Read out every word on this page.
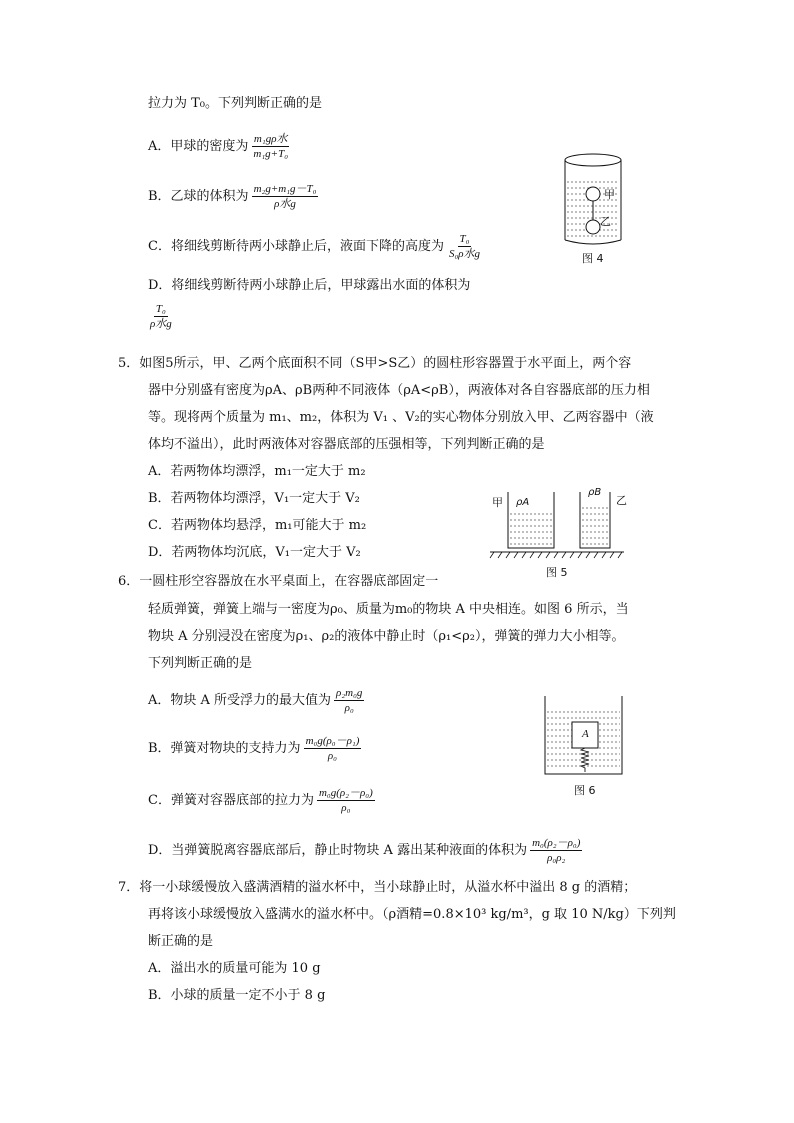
拉力为 T₀。下列判断正确的是
A．甲球的密度为 $\frac{\text{m₁gρ水}}{\text{m₁g+T₀}}$
B．乙球的体积为 $\frac{\text{m₂g+m₁g－T₀}}{\text{ρ水g}}$
C．将细线剪断待两小球静止后，液面下降的高度为 $\frac{\text{T₀}}{\text{S₀ρ水g}}$
D．将细线剪断待两小球静止后，甲球露出水面的体积为
$\frac{\text{T₀}}{\text{ρ水g}}$
甲
乙
图 4
5．如图5所示，甲、乙两个底面积不同（S甲>S乙）的圆柱形容器置于水平面上，两个容
器中分别盛有密度为ρA、ρB两种不同液体（ρA<ρB），两液体对各自容器底部的压力相
等。现将两个质量为 m₁、m₂，体积为 V₁ 、V₂的实心物体分别放入甲、乙两容器中（液
体均不溢出），此时两液体对容器底部的压强相等，下列判断正确的是
A．若两物体均漂浮，m₁一定大于 m₂
B．若两物体均漂浮，V₁一定大于 V₂
C．若两物体均悬浮，m₁可能大于 m₂
D．若两物体均沉底，V₁一定大于 V₂
甲 ρA
ρB
乙
图 5
6．一圆柱形空容器放在水平桌面上，在容器底部固定一
轻质弹簧，弹簧上端与一密度为ρ₀、质量为m₀的物块 A 中央相连。如图 6 所示，当
物块 A 分别浸没在密度为ρ₁、ρ₂的液体中静止时（ρ₁<ρ₂），弹簧的弹力大小相等。
下列判断正确的是
A．物块 A 所受浮力的最大值为 $\frac{\text{ρ₂m₀g}}{\text{ρ₀}}$
B．弹簧对物块的支持力为 $\frac{\text{m₀g(ρ₀－ρ₁)}}{\text{ρ₀}}$
C．弹簧对容器底部的拉力为 $\frac{\text{m₀g(ρ₂－ρ₀)}}{\text{ρ₀}}$
D．当弹簧脱离容器底部后，静止时物块 A 露出某种液面的体积为 $\frac{\text{m₀(ρ₂－ρ₀)}}{\text{ρ₀ρ₂}}$
A
图 6
7．将一小球缓慢放入盛满酒精的溢水杯中，当小球静止时，从溢水杯中溢出 8 g 的酒精；
再将该小球缓慢放入盛满水的溢水杯中。（ρ酒精=0.8×10³ kg/m³，g 取 10 N/kg）下列判
断正确的是
A．溢出水的质量可能为 10 g
B．小球的质量一定不小于 8 g
